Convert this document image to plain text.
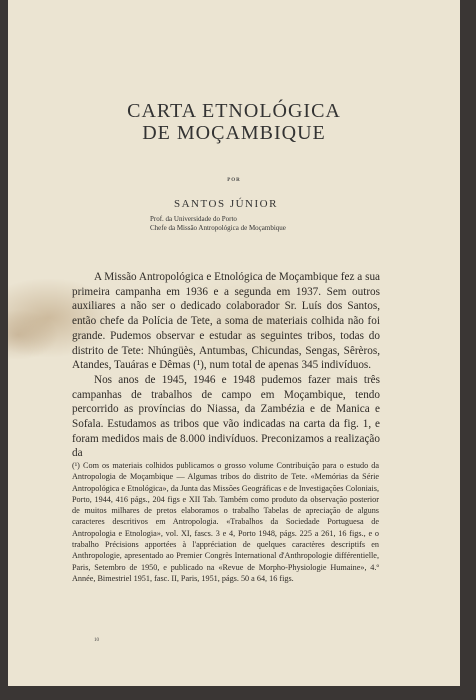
CARTA ETNOLÓGICA
DE MOÇAMBIQUE
POR
SANTOS JÚNIOR
Prof. da Universidade do Porto
Chefe da Missão Antropológica de Moçambique

A Missão Antropológica e Etnológica de Moçambique fez a sua primeira campanha em 1936 e a segunda em 1937. Sem outros auxiliares a não ser o dedicado colaborador Sr. Luís dos Santos, então chefe da Polícia de Tete, a soma de materiais colhida não foi grande. Pudemos observar e estudar as seguintes tribos, todas do distrito de Tete: Nhúngüès, Antumbas, Chicundas, Sengas, Sêrèros, Atandes, Tauáras e Dêmas (¹), num total de apenas 345 indivíduos.

Nos anos de 1945, 1946 e 1948 pudemos fazer mais três campanhas de trabalhos de campo em Moçambique, tendo percorrido as províncias do Niassa, da Zambézia e de Manica e Sofala. Estudamos as tribos que vão indicadas na carta da fig. 1, e foram medidos mais de 8.000 indivíduos. Preconizamos a realização da

(¹) Com os materiais colhidos publicamos o grosso volume Contribuição para o estudo da Antropologia de Moçambique — Algumas tribos do distrito de Tete. «Memórias da Série Antropológica e Etnológica», da Junta das Missões Geográficas e de Investigações Coloniais, Porto, 1944, 416 págs., 204 figs e XII Tab. Também como produto da observação posterior de muitos milhares de pretos elaboramos o trabalho Tabelas de apreciação de alguns caracteres descritivos em Antropologia. «Trabalhos da Sociedade Portuguesa de Antropologia e Etnologia», vol. XI, fascs. 3 e 4, Porto 1948, págs. 225 a 261, 16 figs., e o trabalho Précisions apportées à l'appréciation de quelques caractères descriptifs en Anthropologie, apresentado ao Premier Congrès International d'Anthropologie différentielle, Paris, Setembro de 1950, e publicado na «Revue de Morpho-Physiologie Humaine», 4.º Année, Bimestriel 1951, fasc. II, Paris, 1951, págs. 50 a 64, 16 figs.
10
